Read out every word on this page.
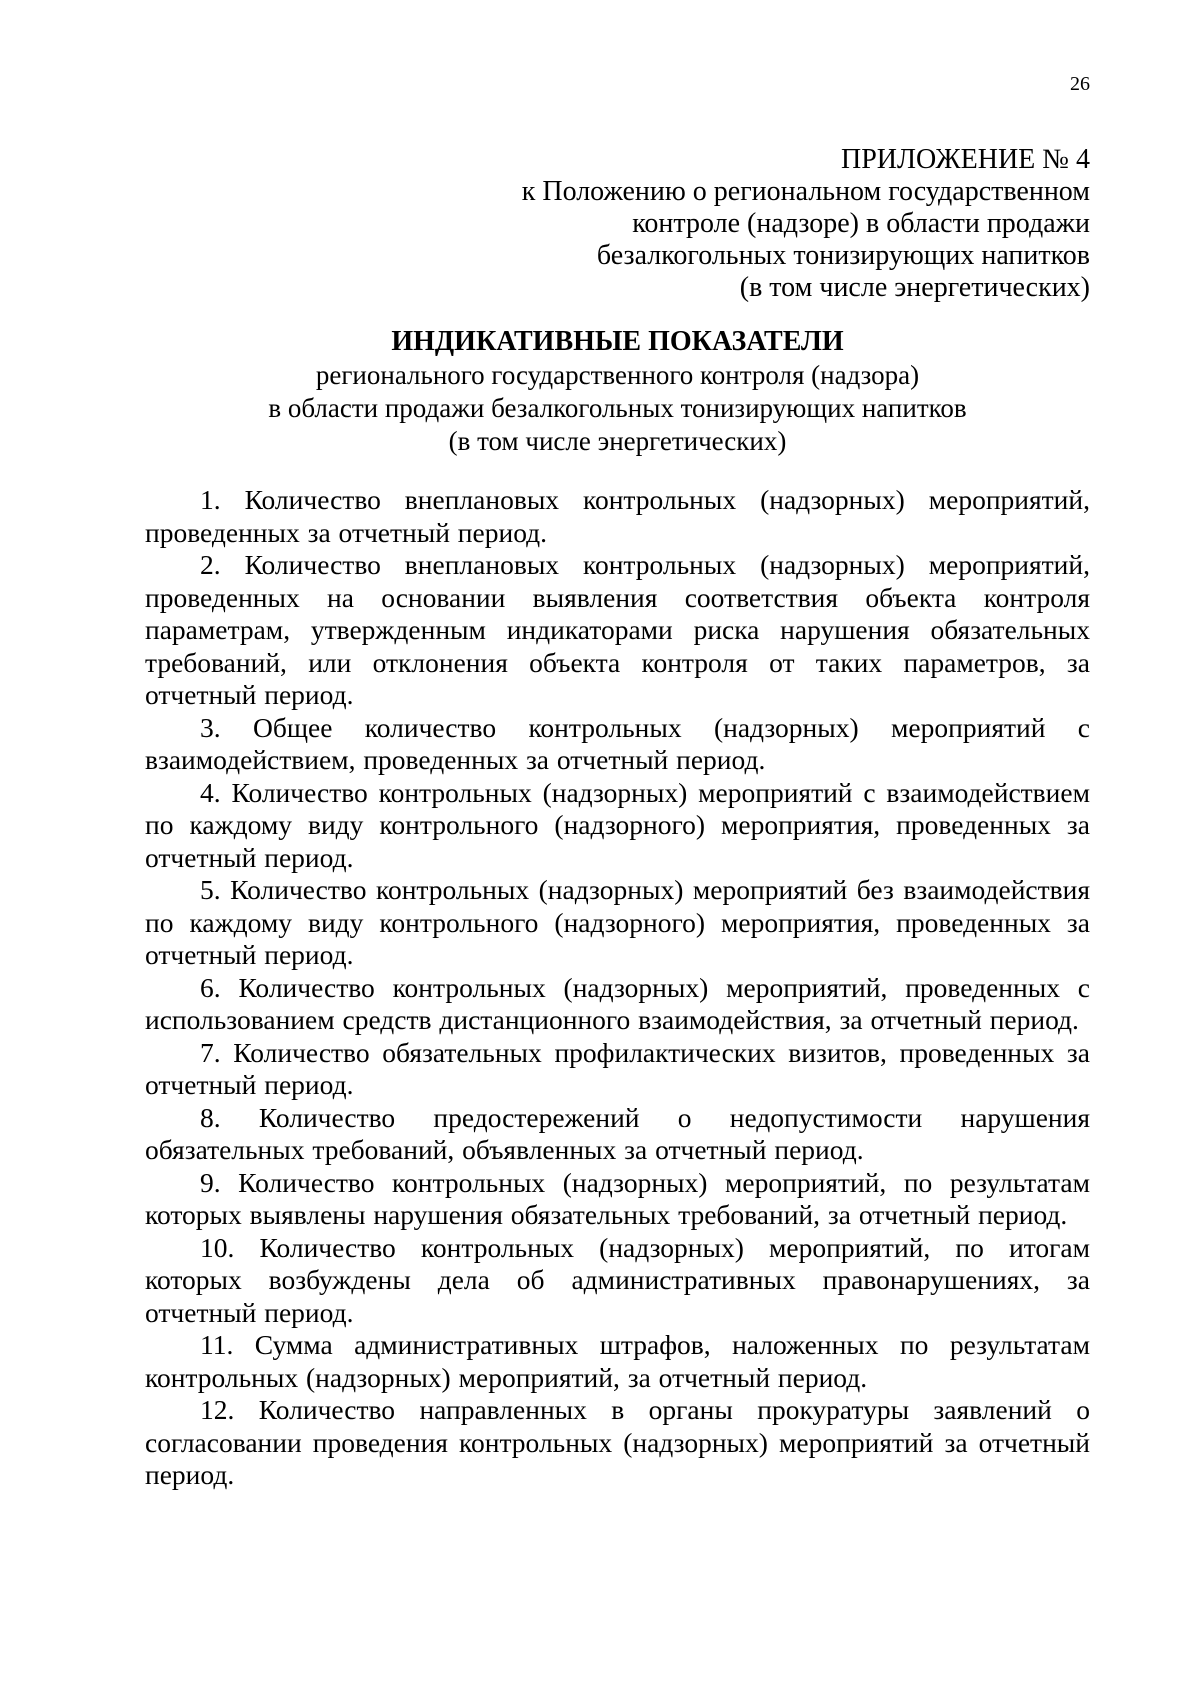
26
ПРИЛОЖЕНИЕ № 4
к Положению о региональном государственном
контроле (надзоре) в области продажи
безалкогольных тонизирующих напитков
(в том числе энергетических)
ИНДИКАТИВНЫЕ ПОКАЗАТЕЛИ
регионального государственного контроля (надзора)
в области продажи безалкогольных тонизирующих напитков
(в том числе энергетических)

1. Количество внеплановых контрольных (надзорных) мероприятий, проведенных за отчетный период.

2. Количество внеплановых контрольных (надзорных) мероприятий, проведенных на основании выявления соответствия объекта контроля параметрам, утвержденным индикаторами риска нарушения обязательных требований, или отклонения объекта контроля от таких параметров, за отчетный период.

3. Общее количество контрольных (надзорных) мероприятий с взаимодействием, проведенных за отчетный период.

4. Количество контрольных (надзорных) мероприятий с взаимодействием по каждому виду контрольного (надзорного) мероприятия, проведенных за отчетный период.

5. Количество контрольных (надзорных) мероприятий без взаимодействия по каждому виду контрольного (надзорного) мероприятия, проведенных за отчетный период.

6. Количество контрольных (надзорных) мероприятий, проведенных с использованием средств дистанционного взаимодействия, за отчетный период.

7. Количество обязательных профилактических визитов, проведенных за отчетный период.

8. Количество предостережений о недопустимости нарушения обязательных требований, объявленных за отчетный период.

9. Количество контрольных (надзорных) мероприятий, по результатам которых выявлены нарушения обязательных требований, за отчетный период.

10. Количество контрольных (надзорных) мероприятий, по итогам которых возбуждены дела об административных правонарушениях, за отчетный период.

11. Сумма административных штрафов, наложенных по результатам контрольных (надзорных) мероприятий, за отчетный период.

12. Количество направленных в органы прокуратуры заявлений о согласовании проведения контрольных (надзорных) мероприятий за отчетный период.
